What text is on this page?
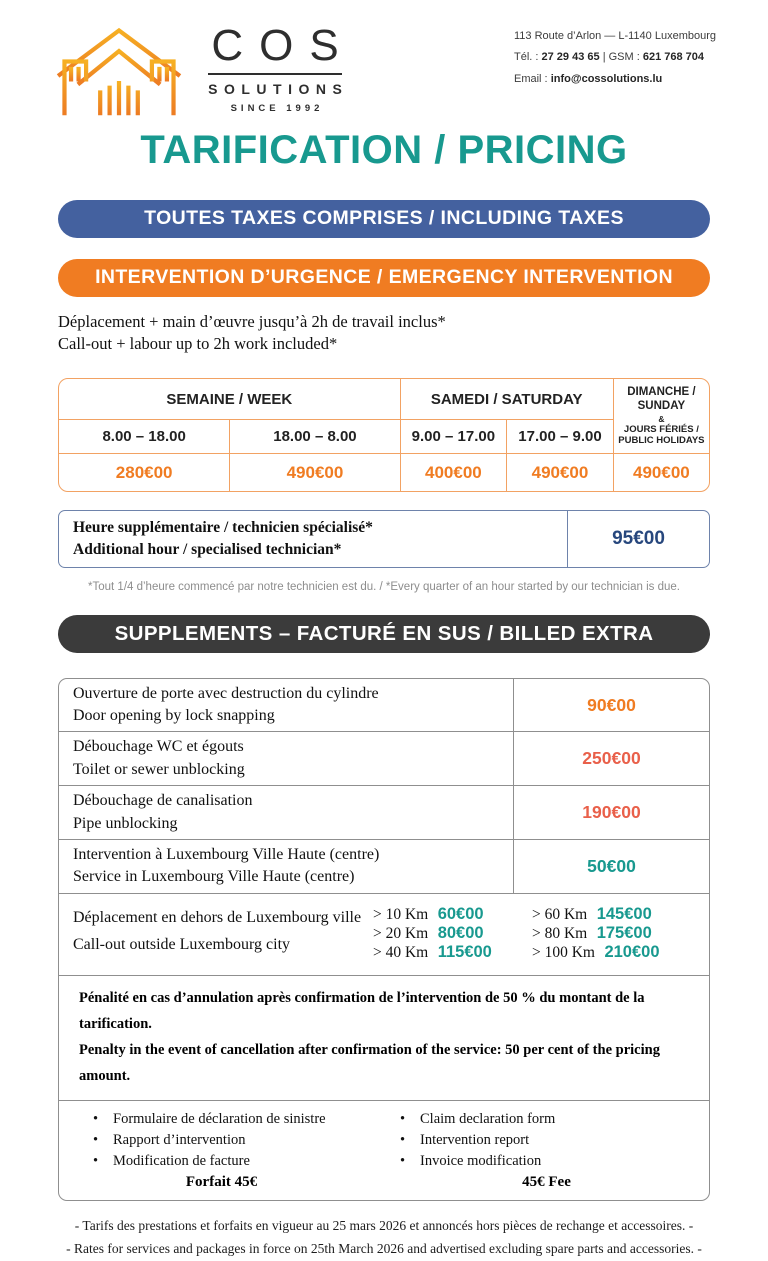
COS
SOLUTIONS
SINCE 1992
113 Route d’Arlon — L-1140 Luxembourg
Tél. : 27 29 43 65 | GSM : 621 768 704
Email : info@cossolutions.lu
TARIFICATION / PRICING
TOUTES TAXES COMPRISES / INCLUDING TAXES
INTERVENTION D’URGENCE / EMERGENCY INTERVENTION
Déplacement + main d’œuvre jusqu’à 2h de travail inclus*
Call-out + labour up to 2h work included*
SEMAINE / WEEK	SAMEDI / SATURDAY	DIMANCHE / SUNDAY
&
JOURS FÉRIÉS / PUBLIC HOLIDAYS
8.00 – 18.00	18.00 – 8.00	9.00 – 17.00	17.00 – 9.00
280€00	490€00	400€00	490€00	490€00
Heure supplémentaire / technicien spécialisé*
Additional hour / specialised technician*
95€00
*Tout 1/4 d’heure commencé par notre technicien est du. / *Every quarter of an hour started by our technician is due.
SUPPLEMENTS – FACTURÉ EN SUS / BILLED EXTRA
Ouverture de porte avec destruction du cylindre
Door opening by lock snapping
90€00
Débouchage WC et égouts
Toilet or sewer unblocking
250€00
Débouchage de canalisation
Pipe unblocking
190€00
Intervention à Luxembourg Ville Haute (centre)
Service in Luxembourg Ville Haute (centre)
50€00
Déplacement en dehors de Luxembourg ville
Call-out outside Luxembourg city
> 10 Km 60€00
> 20 Km 80€00
> 40 Km 115€00
> 60 Km 145€00
> 80 Km 175€00
> 100 Km 210€00
Pénalité en cas d’annulation après confirmation de l’intervention de 50 % du montant de la tarification.
Penalty in the event of cancellation after confirmation of the service: 50 per cent of the pricing amount.
• Formulaire de déclaration de sinistre
• Rapport d’intervention
• Modification de facture
Forfait 45€
• Claim declaration form
• Intervention report
• Invoice modification
45€ Fee
- Tarifs des prestations et forfaits en vigueur au 25 mars 2026 et annoncés hors pièces de rechange et accessoires. -
- Rates for services and packages in force on 25th March 2026 and advertised excluding spare parts and accessories. -
